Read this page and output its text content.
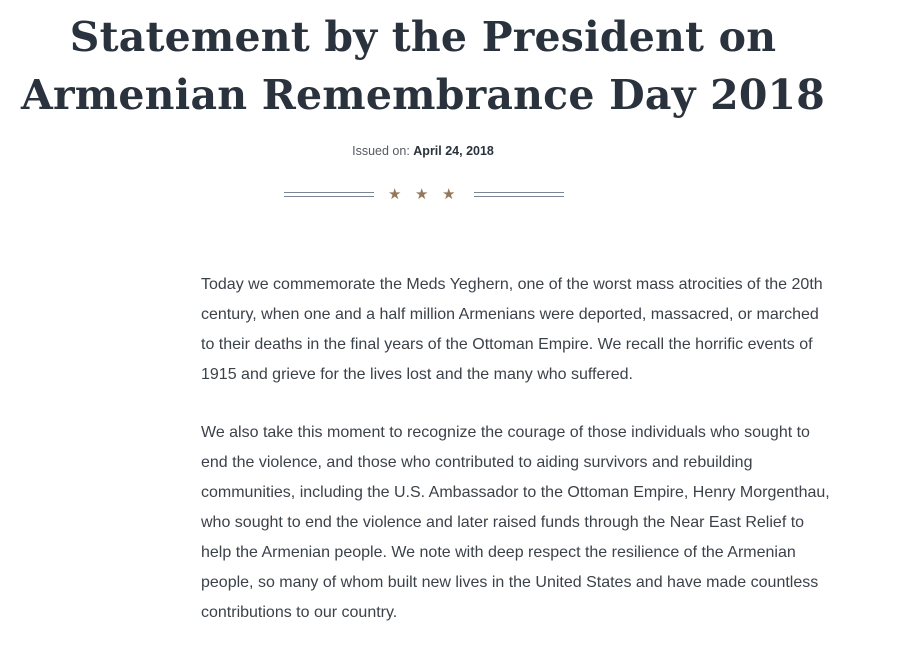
Statement by the President on Armenian Remembrance Day 2018
Issued on: April 24, 2018
★ ★ ★

Today we commemorate the Meds Yeghern, one of the worst mass atrocities of the 20th century, when one and a half million Armenians were deported, massacred, or marched to their deaths in the final years of the Ottoman Empire. We recall the horrific events of 1915 and grieve for the lives lost and the many who suffered.

We also take this moment to recognize the courage of those individuals who sought to end the violence, and those who contributed to aiding survivors and rebuilding communities, including the U.S. Ambassador to the Ottoman Empire, Henry Morgenthau, who sought to end the violence and later raised funds through the Near East Relief to help the Armenian people. We note with deep respect the resilience of the Armenian people, so many of whom built new lives in the United States and have made countless contributions to our country.
